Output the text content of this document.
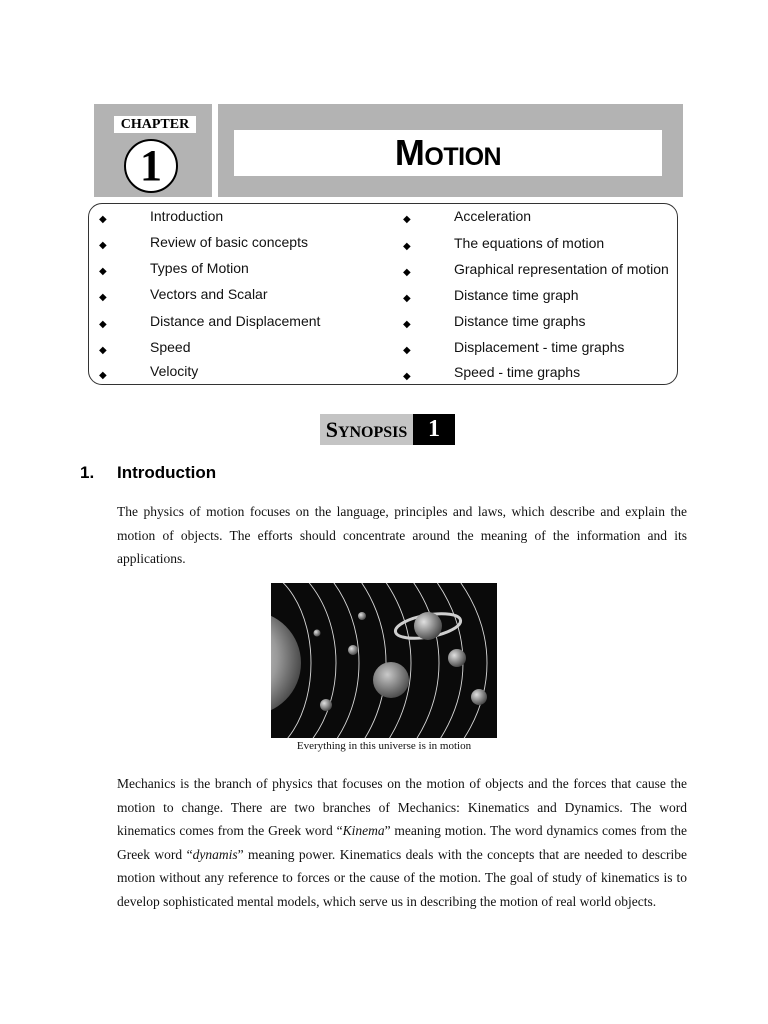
CHAPTER
1	MOTION
◆	Introduction
◆	Review of basic concepts
◆	Types of Motion
◆	Vectors and Scalar
◆	Distance and Displacement
◆	Speed
◆	Velocity
◆	Acceleration
◆	The equations of motion
◆	Graphical representation of motion
◆	Distance time graph
◆	Distance time graphs
◆	Displacement - time graphs
◆	Speed - time graphs
SYNOPSIS 1
1. Introduction
The physics of motion focuses on the language, principles and laws, which describe and explain the motion of objects. The efforts should concentrate around the meaning of the information and its applications.
Everything in this universe is in motion
Mechanics is the branch of physics that focuses on the motion of objects and the forces that cause the motion to change. There are two branches of Mechanics: Kinematics and Dynamics. The word kinematics comes from the Greek word “Kinema” meaning motion. The word dynamics comes from the Greek word “dynamis” meaning power. Kinematics deals with the concepts that are needed to describe motion without any reference to forces or the cause of the motion. The goal of study of kinematics is to develop sophisticated mental models, which serve us in describing the motion of real world objects.
